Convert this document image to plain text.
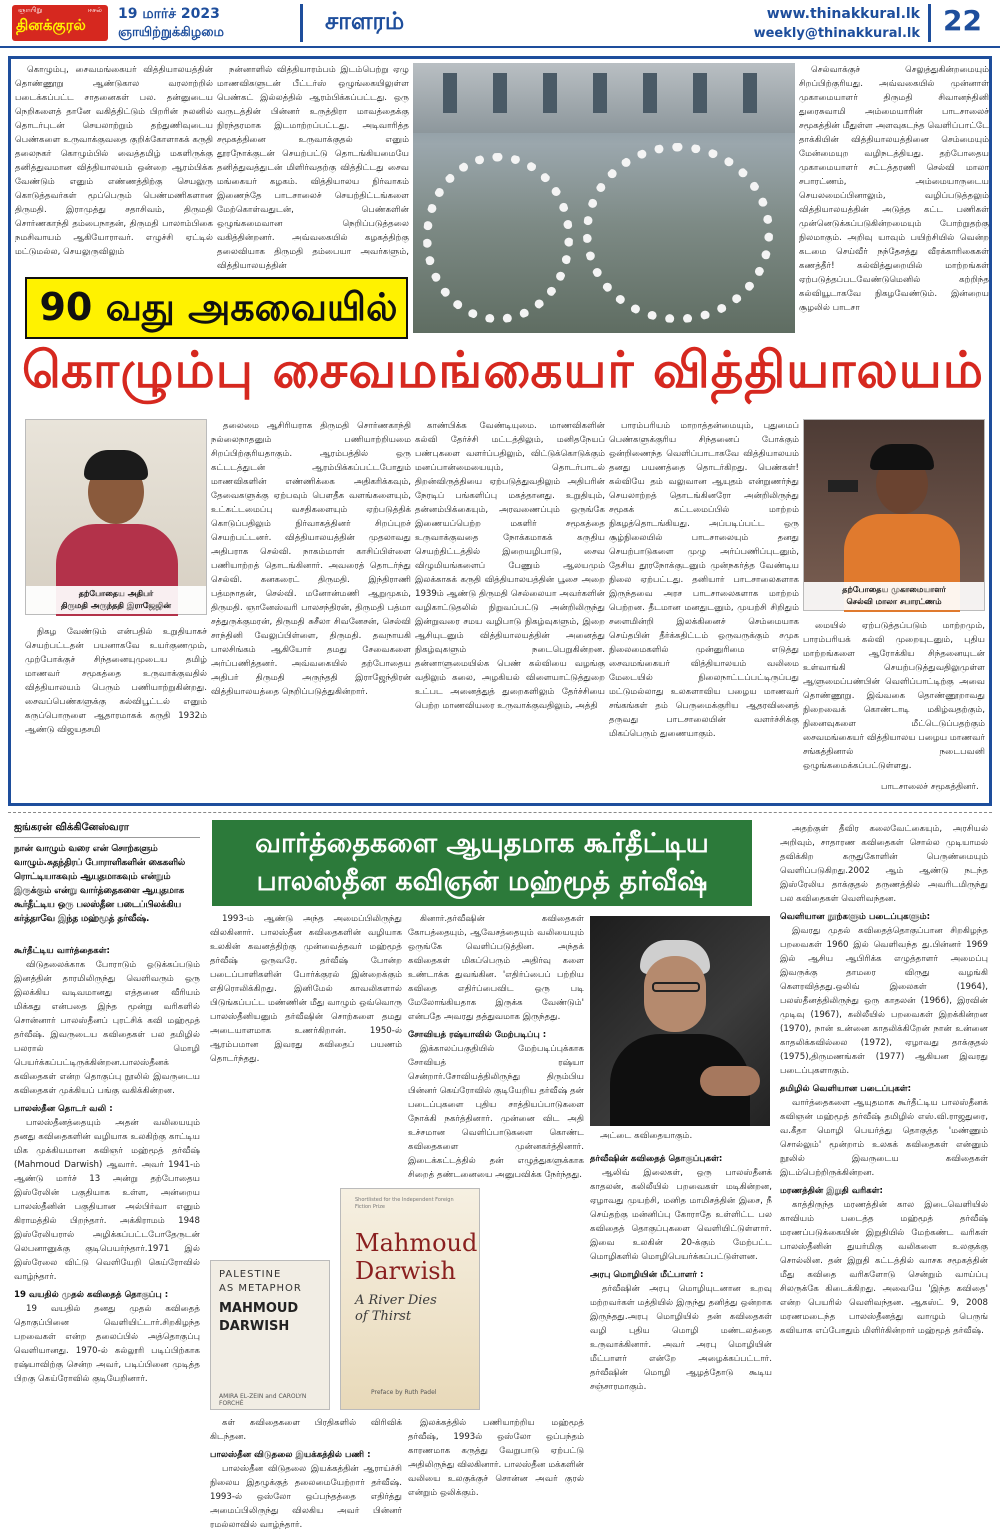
ஞாயிறு	ஈசல்
தினக்குரல்
19 மார்ச் 2023
ஞாயிற்றுக்கிழமை	சாளரம்	www.thinakkural.lk
weekly@thinakkural.lk 22

கொழும்பு, சைவமங்கையர் வித்தியாலயத்தின் தொண்ணூறு ஆண்டுகால வரலாற்றில் படைக்கப்பட்ட சாதனைகள் பல. தன்னுடைய நெறிகளைத் தானே வகித்திட்டும் பிறரின் நலனில் தொடர்புடன் செயலாற்றும் தற்துணிவுடைய பெண்களை உருவாக்குவதை குறிக்கோளாகக் கருதி தலைநகர் கொழும்பில் வைத்தமிழ் மகளிருக்கு தனித்துவமான வித்தியாலயம் ஒன்றை ஆரம்பிக்க வேண்டும் எனும் எண்ணத்திற்கு செயலுரு கொடுத்தவர்கள் மூப்பெரும் பெண்மணிகளான திருமதி. இராமுத்து சதாசிவம், திருமதி சொர்ணகாந்தி தம்பைநாதன், திருமதி பாலாம்பிகை நமசிவாயம் ஆகியோராவர். எழுச்சி ஏட்டில் மட்டுமல்ல, செயலுருவிலும்

நன்னாளில் வித்தியாரம்பம் இடம்பெற்று ஏழு மாணவிகளுடன் பீட்டர்ஸ் ஒழுங்கையிலுள்ள பெண்கட் இல்லத்தில் ஆரம்பிக்கப்பட்டது. ஒரு வருடத்தின் பின்னர் உருத்திரா மாவத்தைக்கு நிரந்தரமாக இடமாற்றப்பட்டது. அடிவாரித்த சமூகத்தினை உருவாக்குதல் எனும் தூரநோக்குடன் செயற்பட்டு தொடங்கியமையே தனித்துவத்துடன் மிளிர்வதற்கு வித்திட்டது சைவ மங்கையர் கழகம். வித்தியாலய நிர்வாகம் இணைந்தே பாடசாலைச் செயற்திட்டங்களை மேற்கொள்வதுடன், பெண்களின் ஒழுங்கமைவான நெறிப்படுத்தலை வகித்தின்றனர். அவ்வகையில் கழகத்திற்கு தலைவியாக திருமதி தம்பையா அவர்களும், வித்தியாலயத்தின்

செல்வாக்குச் செலுத்துகின்றமையும் சிறப்பிற்குரியது. அவ்வகையில் முன்னாள் முகாமையாளர் திருமதி சிவானந்தினி துரைசுவாமி அம்மையாரின் பாடசாலைச் சமூகத்தின் மீதுள்ள அளவுகடந்த வெளிப்பாட்டே தாக்கியின் வித்தியாலயத்தினை செம்மையும் மேன்மையுற வழிநடத்தியது. தற்போதைய முகாமையாளர் சட்டத்தரணி செல்வி மாலா சபாரட்ணம், அம்மையாருடைய செயலமைப்பினாலும், வழிப்படுத்தலும் வித்தியாலயத்தின் அடுத்த கட்ட பணிகள் முன்னெடுக்கப்படுகின்றமையும் போற்றுதற்கு நிலமாகும். அறிவு யாவும் பயிற்சியில் வென்ற கடமை செய்வீர் நந்தேசத்து வீரக்காரிகைகள் கணத்தீர்! கல்வித்துறையில் மாற்றங்கள் ஏற்படுத்தப்படவேண்டுமெனில் கற்றிந்த கல்வியூடாகவே நிகழவேண்டும். இன்றைய சூழலில் பாடசா

90 வது அகவையில்
கொழும்பு சைவமங்கையர் வித்தியாலயம்
தற்போதைய அதிபர்
திருமதி அருந்ததி இராஜேஜின்

தலைமை ஆசிரியராக திருமதி சொர்ணகாந்தி நல்லைநாதனும் பணியாற்றியமை சிறப்பிற்குரியதாகும். ஆரம்பத்தில் ஒரு கட்டடத்துடன் ஆரம்பிக்கப்பட்டபோதும் மாணவிகளின் எண்ணிக்கை அதிகரிக்கவும், தேவைகளுக்கு ஏற்பவும் பௌதீக வளங்களையும், உட்கட்டமைப்பு வசதிகளையும் ஏற்படுத்திக் கொடுப்பதிலும் நிர்வாகத்தினர் சிறப்புறச் செயற்பட்டனர். வித்தியாலயத்தின் முதலாவது அதிபராக செல்வி. நாகம்மாள் காசிப்பிள்ளை பணியாற்றத் தொடங்கினார். அவரைத் தொடர்ந்து செல்வி. கனகரைட் திருமதி. இந்திராணி பத்மநாதன், செல்வி. மனோன்மணி ஆறுமுகம், திருமதி. ஞானேஸ்வரி பாலசந்திரன், திருமதி பத்மா சத்துருக்குமரன், திருமதி சுசீலா சிவனேசன், செல்வி சாந்தினி வேலுப்பிள்ளை, திருமதி. தவநாயகி பாலசிங்கம் ஆகியோர் தமது சேவைகளை அர்ப்பணித்தனர். அவ்வகையில் தற்போதைய அதிபர் திருமதி அருந்ததி இராஜேந்திரன் வித்தியாலயத்தை நெறிப்படுத்துகின்றார்.

காண்பிக்க வேண்டியுமை. மாணவிகளின் கல்வி தேர்ச்சி மட்டத்திலும், மனிதநேயப் பண்புகளை வளர்ப்பதிலும், விட்டுக்கொடுக்கும் மனப்பான்மையையும், தொடர்பாடல் திறன்விருத்தியை ஏற்படுத்துவதிலும் அதிபரின் நேரடிப் பங்களிப்பு மகத்தானது. உறுதியும், தன்னம்பிக்கையும், அரவணைப்பும் ஒருங்கே இணையப்பெற்ற மகளிர் சமூகத்தை உருவாக்குவதை நோக்கமாகக் கருதிய செயற்திட்டத்தில் இறையழிபாடு, சைவ விழுமியங்களைப் பேணும் ஆலயமும் இலக்காகக் கருதி வித்தியாலயத்தின் பூசை அறை 1939ம் ஆண்டு திருமதி செல்லையா அவர்களின் வழிகாட்டுதலில் நிறுவப்பட்டு அன்றிலிருந்து இன்றுவரை சமய வழிபாடு நிகழ்வுகளும், இறை ஆசியுடனும் வித்தியாலயத்தின் அனைத்து நிகழ்வுகளும் நடைபெறுகின்றன. தன்னாளுமையில்க பெண் கல்வியை வழங்கு வதிலும் கலை, அழகியல் விளையாட்டுத்துறை உட்பட அனைத்துத் துறைகளிலும் தேர்ச்சியை பெற்ற மாணவியரை உருவாக்குவதிலும், அத்தி

பாரம்பரியம் மாறாத்தன்மையும், புதுமைப் பெண்களுக்குரிய சிந்தனைப் போக்கும் ஒன்றிணைந்த வெளிப்பாடாகவே வித்தியாலயம் தனது பயணத்தை தொடர்கிறது. பெண்கள்! கல்வியே தம் வலுவான ஆயுதம் என்றுணர்ந்து செயலாற்றத் தொடங்கினரோ அன்றிலிருந்து சமூகக் கட்டமைப்பில் மாற்றம் நிகழத்தொடங்கியது. அப்படிப்பட்ட ஒரு சூழ்நிலையில் பாடசாலையும் தனது செயற்பாடுகளை முழு அர்ப்பணிப்புடனும், தேசிய தூரநோக்குடனும் முன்நகர்த்த வேண்டிய நிலை ஏற்பட்டது. தனியார் பாடசாலைகளாக இருந்தவை அரச பாடசாலைகளாக மாற்றம் பெற்றன. தீடமான மனதுடனும், முயற்சி சிறிதும் சளைமின்றி இலக்கினைச் செம்மையாக செய்தபின் தீர்க்கதிட்டம் ஒருவருக்கும் சமுக நிலைமைகளில் முன்னுரிமை எடுத்து சைவமங்கையர் வித்தியாலயம் வலிமை மேடையில் நிலைநாட்டப்பட்டிருப்பது மட்டுமல்லாது உலகளாவிய பழைய மாணவர் சங்கங்கள் தம் பெருமைக்குரிய ஆதரவினைத் தருவது பாடசாலையின் வளர்ச்சிக்கு மிகப்பெரும் துணையாகும்.

தற்போதைய முகாமையாளர்
செல்வி மாலா சபாரட்ணம்

நிகழ வேண்டும் என்பதில் உறுதியாகச் செயற்பட்டதன் பயனாகவே உயர்குணமும், முற்போக்குச் சிந்தனையுமுடைய தமிழ் மாணவர் சமூகத்தை உருவாக்குவதில் வித்தியாலயம் பெரும் பணியாற்றுகின்றது. சைவப்பெண்களுக்கு கல்விபூட்டல் எனும் கருப்பொருளை ஆதாரமாகக் கருதி 1932ம் ஆண்டு விஜயதசமி

மையில் ஏற்படுத்தப்படும் மாற்றமும், பாரம்பரியக் கல்வி முறையுடனும், புதிய மாற்றங்களை ஆரோக்கிய சிந்தனையுடன் உள்வாங்கி செயற்படுத்துவதிலுமுள்ள ஆளுமைப்பண்பின் வெளிப்பாட்டிற்கு அவை தொண்ணூறு. இவ்வகை தொண்ணூறாவது நிறைவைக் கொண்டாடி மகிழ்வதற்கும், நினைவுகளை மீட்டெடுப்பதற்கும் சைவமங்கையர் வித்தியாலய பழைய மாணவர் சங்கத்தினால் நடைபவனி ஒழுங்கமைக்கப்பட்டுள்ளது.

பாடசாலைச் சமூகத்தினர்.
ஐங்கரன் விக்கினேஸ்வரா
நான் வாழும் வரை என் சொற்களும் வாழும்.சுதந்திரப் போராளிகளின் கைகளில் ரொட்டியாகவும் ஆயுதமாகவும் என்றும் இருக்கும் என்று வார்த்தைகளை ஆயுதமாக கூர்தீட்டிய ஒரு பலஸ்தீன படைப்பிலக்கிய கர்த்தாவே இந்த மஹ்மூத் தர்வீஷ்.
வார்த்தைகளை ஆயுதமாக கூர்தீட்டிய
பாலஸ்தீன கவிஞன் மஹ்மூத் தர்வீஷ்
கூர்தீட்டிய வார்த்தைகள்:

விடுதலைக்காக போராடும் ஒடுக்கப்படும் இனத்தின் தாரமிலிருந்து வெளிவரும் ஒரு இலக்கிய வடிவமானது எத்தனை வீரியம் மிக்கது என்பதை இந்த மூன்று வரிகளில் சொன்னார் பாலஸ்தீனப் புரட்சிக் கவி மஹ்மூத் தர்வீஷ். இவருடைய கவிதைகள் பல தமிழில் பலரால் மொழி பெயர்க்கப்பட்டிருக்கின்றன.பாலஸ்தீனக் கவிதைகள் என்ற தொகுப்பு நூலில் இவருடைய கவிதைகள் முக்கியப் பங்கு வகிக்கின்றன.

பாலஸ்தீன தொடர் வலி :

பாலஸ்தீனத்தையும் அதன் வலியையும் தனது கவிதைகளின் வழியாக உலகிற்கு காட்டிய மிக முக்கியமான கவிஞர் மஹ்மூத் தர்வீஷ் (Mahmoud Darwish) ஆவார். அவர் 1941-ம் ஆண்டு மார்ச் 13 அன்று தற்போதைய இஸ்ரேலின் பகுதியாக உள்ள, அன்றைய பாலஸ்தீனின் பகுதியான அல்பிர்வா எனும் கிராமத்தில் பிறந்தார். அக்கிராமம் 1948 இஸ்ரேலியரால் அழிக்கப்பட்டபோதேருடன் லெபனானுக்கு குடிபெயர்ந்தார்.1971 இல் இஸ்ரேலை விட்டு வெளியேறி கெய்ரோவில் வாழ்ந்தார்.

19 வயதில் முதல் கவிதைத் தொகுப்பு :

19 வயதில் தனது முதல் கவிதைத் தொகுப்பினை வெளியிட்டார்.சிறகிழந்த பறவைகள் என்ற தலைப்பில் அத்தொகுப்பு வெளியானது. 1970-ல் கல்லூரி படிப்பிற்காக ரஷ்யாவிற்கு சென்ற அவர், படிப்பினை முடித்த பிறகு கெய்ரோவில் குடியேறினார்.

1993-ம் ஆண்டு அந்த அமைப்பிலிருந்து விலகினார். பாலஸ்தீன கவிதைகளின் வழியாக உலகின் கவனத்திற்கு முன்வைத்தவர் மஹ்மூத் தர்வீஷ் ஒருவரே. தர்வீஷ் போன்ற படைப்பாளிகளின் போர்க்குரல் இன்றைக்கும் எதிரொலிக்கிறது. இனிமேல் காவலிகளால் பிடுங்கப்பட்ட மண்ணின் மீது வாழும் ஒவ்வொரு பாலஸ்தீனியனும் தர்வீஷின் சொற்களை தமது அடையாளமாக உணர்கிறான். 1950-ல் ஆரம்பமான இவரது கவிதைப் பயணம் தொடர்ந்தது.

கினார்.தர்வீஷின் கவிதைகள் கோபத்தையும், ஆவேசத்தையும் வலியையும் ஒருங்கே வெளிப்படுத்தின. அந்தக் கவிதைகள் மிகப்பெரும் அதிர்வு களை உண்டாக்க துவங்கின. 'எதிர்ப்பைப் பற்றிய கவிதை எதிர்ப்பைவிட ஒரு படி மேலோங்கியதாக இருக்க வேண்டும்' என்பதே அவரது தத்துவமாக இருந்தது.

சோவியத் ரஷ்யாவில் மேற்படிப்பு :

இக்காலப்பகுதியில் மேற்படிப்புக்காக சோவியத் ரஷ்யா சென்றார்.சோவியத்திலிருந்து திரும்பிய பின்னர் கெய்ரோவில் குடியேறிய தர்வீஷ் தன் படைப்புகளை புதிய சாத்தியப்பாடுகளை நோக்கி நகர்த்தினார். முன்னை விட அதி உச்சமான வெளிப்பாடுகளை கொண்ட கவிதைகளை முன்னகர்த்தினார். இடைக்கட்டத்தில் தன் எழுத்துகளுக்காக சிறைத் தண்டனையை அனுபவிக்க நேர்ந்தது.

அட்டை கவிதையாகும்.
Shortlisted for the Independent Foreign Fiction Prize
Mahmoud
Darwish
A River Dies
of Thirst
Preface by Ruth Padel
PALESTINE
AS METAPHOR
MAHMOUD
DARWISH
AMIRA EL-ZEIN and CAROLYN FORCHÉ

கள் கவிதைகளை பிரதிகளில் விரிவிக் கிடந்தன.

பாலஸ்தீன விடுதலை இயக்கத்தில் பணி :

பாலஸ்தீன விடுதலை இயக்கத்தின் ஆராய்ச்சி நிலைய இதழுக்குத் தலைமையேற்றார் தர்வீஷ். 1993-ல் ஒஸ்லோ ஒப்பந்தத்தை எதிர்த்து அமைப்பிலிருந்து விலகிய அவர் பின்னர் ரமல்லாவில் வாழ்ந்தார்.

இலக்கத்தில் பணியாற்றிய மஹ்மூத் தர்வீஷ், 1993ல் ஒஸ்லோ ஒப்பந்தம் காரணமாக கருத்து வேறுபாடு ஏற்பட்டு அதிலிருந்து விலகினார். பாலஸ்தீன மக்களின் வலியை உலகுக்குச் சொன்ன அவர் குரல் என்றும் ஒலிக்கும்.

தர்வீஷின் கவிதைத் தொகுப்புகள்:

ஆலிவ் இலைகள், ஒரு பாலஸ்தீனக் காதலன், கலிலீயில் பறவைகள் மடிகின்றன, ஏழாவது முயற்சி, மனித மாமிசத்தின் இசை, நீ செய்தற்கு மன்னிப்பு கோராதே உள்ளிட்ட பல கவிதைத் தொகுப்புகளை வெளியிட்டுள்ளார். இவை உலகின் 20-க்கும் மேற்பட்ட மொழிகளில் மொழிபெயர்க்கப்பட்டுள்ளன.

அரபு மொழியின் மீட்பாளர் :

தர்வீஷின் அரபு மொழியுடனான உறவு மற்றவர்கள் மத்தியில் இருந்து தனித்து ஒன்றாக இருந்தது.அரபு மொழியில் தன் கவிதைகள் வழி புதிய மொழி மண்டலத்தை உருவாக்கினார். அவர் அரபு மொழியின் மீட்பாளர் என்றே அழைக்கப்பட்டார். தர்வீஷின் மொழி ஆழத்தோடு கூடிய சஞ்சாரமாகும்.

அதற்குள் தீவிர கலைவேட்கையும், அரசியல் அறிவும், சாதாரண கவிதைகள் சொல்ல முடியாமல் தவிக்கிற கருதுகோளின் பெருண்மையும் வெளிப்படுகிறது.2002 ஆம் ஆண்டு நடந்த இஸ்ரேலிய தாக்குதல் தருணத்தில் அவரிடமிருந்து பல கவிதைகள் வெளிவந்தன.

வெளியான நூற்களும் படைப்புகளும்:

இவரது முதல் கவிதைத்தொகுப்பான சிறகிழந்த பறவைகள் 1960 இல் வெளிவந்த து.பின்னர் 1969 இல் ஆசிய ஆபிரிக்க எழுத்தாளர் அமைப்பு இவருக்கு தாமரை விருது வழங்கி கௌரவித்தது.ஒலிவ் இலைகள் (1964), பலஸ்தீனத்திலிருந்து ஒரு காதலன் (1966), இரவின் முடிவு (1967), கலிலீயில் பறவைகள் இறக்கின்றன (1970), நான் உன்னை காதலிக்கிறேன் நான் உன்னை காதலிக்கவில்லை (1972), ஏழாவது தாக்குதல் (1975),திருமணங்கள் (1977) ஆகியன இவரது படைப்புகளாகும்.

தமிழில் வெளியான படைப்புகள்:

வார்த்தைகளை ஆயுதமாக கூர்தீட்டிய பாலஸ்தீனக் கவிஞன் மஹ்மூத் தர்வீஷ் தமிழில் எஸ்.வி.ராஜதுரை, வ.கீதா மொழி பெயர்த்து தொகுத்த 'மண்ணும் சொல்லும்' மூன்றாம் உலகக் கவிதைகள் என்னும் நூலில் இவருடைய கவிதைகள் இடம்பெற்றிருக்கின்றன.

மரணத்தின் இறுதி வரிகள்:

காத்திருந்த மரணத்தின் கால இடைவெளியில் காவியம் படைத்த மஹ்மூத் தர்வீஷ் மரணப்படுக்கையின் இறுதியில் மேற்கண்ட வரிகள் பாலஸ்தீனின் துயர்மிகு வலிகளை உலகுக்கு சொல்லின. தன் இறுதி கட்டத்தில் வாசக சமூகத்தின் மீது கவிதை வரிகளோடு சென்றும் வாய்ப்பு சிலருக்கே கிடைக்கிறது. அவையே 'இந்த கவிதை' என்ற பெயரில் வெளிவந்தன. ஆகஸ்ட் 9, 2008 மரணமடைந்த பாலஸ்தீனத்து வாழும் பெருங் கவியாக எப்போதும் மிளிர்கின்றார் மஹ்மூத் தர்வீஷ்.
